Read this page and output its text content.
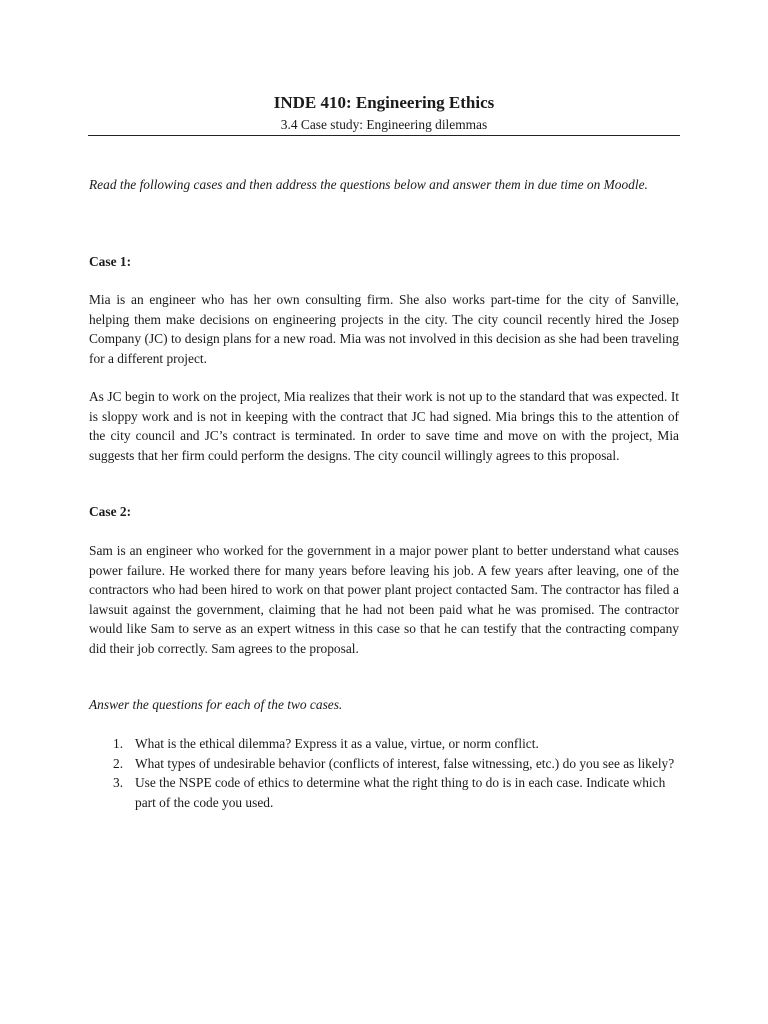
INDE 410: Engineering Ethics
3.4 Case study: Engineering dilemmas

Read the following cases and then address the questions below and answer them in due time on Moodle.

Case 1:

Mia is an engineer who has her own consulting firm. She also works part-time for the city of Sanville, helping them make decisions on engineering projects in the city. The city council recently hired the Josep Company (JC) to design plans for a new road. Mia was not involved in this decision as she had been traveling for a different project.

As JC begin to work on the project, Mia realizes that their work is not up to the standard that was expected. It is sloppy work and is not in keeping with the contract that JC had signed. Mia brings this to the attention of the city council and JC’s contract is terminated. In order to save time and move on with the project, Mia suggests that her firm could perform the designs. The city council willingly agrees to this proposal.

Case 2:

Sam is an engineer who worked for the government in a major power plant to better understand what causes power failure. He worked there for many years before leaving his job. A few years after leaving, one of the contractors who had been hired to work on that power plant project contacted Sam. The contractor has filed a lawsuit against the government, claiming that he had not been paid what he was promised. The contractor would like Sam to serve as an expert witness in this case so that he can testify that the contracting company did their job correctly. Sam agrees to the proposal.

Answer the questions for each of the two cases.

1. What is the ethical dilemma? Express it as a value, virtue, or norm conflict.
2. What types of undesirable behavior (conflicts of interest, false witnessing, etc.) do you see as likely?
3. Use the NSPE code of ethics to determine what the right thing to do is in each case. Indicate which part of the code you used.
